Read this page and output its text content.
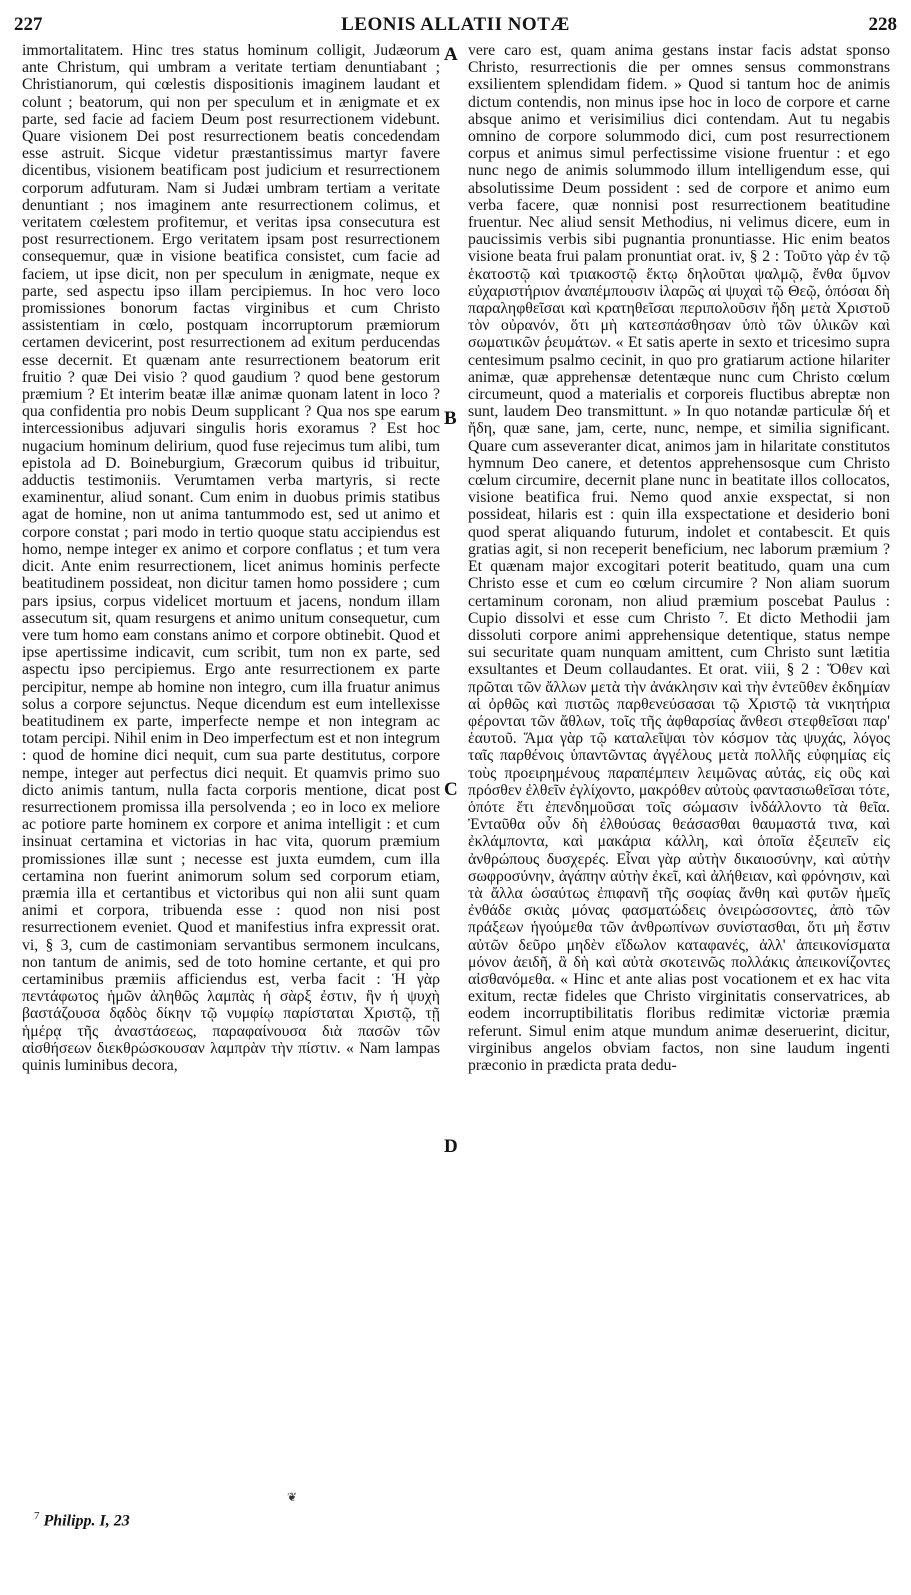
227	LEONIS ALLATII NOTÆ	228

immortalitatem. Hinc tres status hominum colligit, Judæorum ante Christum, qui umbram a veritate tertiam denuntiabant ; Christianorum, qui cœlestis dispositionis imaginem laudant et colunt ; beatorum, qui non per speculum et in ænigmate et ex parte, sed facie ad faciem Deum post resurrectionem videbunt. Quare visionem Dei post resurrectionem beatis concedendam esse astruit. Sicque videtur præstantissimus martyr favere dicentibus, visionem beatificam post judicium et resurrectionem corporum adfuturam. Nam si Judæi umbram tertiam a veritate denuntiant ; nos imaginem ante resurrectionem colimus, et veritatem cœlestem profitemur, et veritas ipsa consecutura est post resurrectionem. Ergo veritatem ipsam post resurrectionem consequemur, quæ in visione beatifica consistet, cum facie ad faciem, ut ipse dicit, non per speculum in ænigmate, neque ex parte, sed aspectu ipso illam percipiemus. In hoc vero loco promissiones bonorum factas virginibus et cum Christo assistentiam in cœlo, postquam incorruptorum præmiorum certamen devicerint, post resurrectionem ad exitum perducendas esse decernit. Et quænam ante resurrectionem beatorum erit fruitio ? quæ Dei visio ? quod gaudium ? quod bene gestorum præmium ? Et interim beatæ illæ animæ quonam latent in loco ? qua confidentia pro nobis Deum supplicant ? Qua nos spe earum intercessionibus adjuvari singulis horis exoramus ? Est hoc nugacium hominum delirium, quod fuse rejecimus tum alibi, tum epistola ad D. Boineburgium, Græcorum quibus id tribuitur, adductis testimoniis. Verumtamen verba martyris, si recte examinentur, aliud sonant. Cum enim in duobus primis statibus agat de homine, non ut anima tantummodo est, sed ut animo et corpore constat ; pari modo in tertio quoque statu accipiendus est homo, nempe integer ex animo et corpore conflatus ; et tum vera dicit. Ante enim resurrectionem, licet animus hominis perfecte beatitudinem possideat, non dicitur tamen homo possidere ; cum pars ipsius, corpus videlicet mortuum et jacens, nondum illam assecutum sit, quam resurgens et animo unitum consequetur, cum vere tum homo eam constans animo et corpore obtinebit. Quod et ipse apertissime indicavit, cum scribit, tum non ex parte, sed aspectu ipso percipiemus. Ergo ante resurrectionem ex parte percipitur, nempe ab homine non integro, cum illa fruatur animus solus a corpore sejunctus. Neque dicendum est eum intellexisse beatitudinem ex parte, imperfecte nempe et non integram ac totam percipi. Nihil enim in Deo imperfectum est et non integrum : quod de homine dici nequit, cum sua parte destitutus, corpore nempe, integer aut perfectus dici nequit. Et quamvis primo suo dicto animis tantum, nulla facta corporis mentione, dicat post resurrectionem promissa illa persolvenda ; eo in loco ex meliore ac potiore parte hominem ex corpore et anima intelligit : et cum insinuat certamina et victorias in hac vita, quorum præmium promissiones illæ sunt ; necesse est juxta eumdem, cum illa certamina non fuerint animorum solum sed corporum etiam, præmia illa et certantibus et victoribus qui non alii sunt quam animi et corpora, tribuenda esse : quod non nisi post resurrectionem eveniet. Quod et manifestius infra expressit orat. vi, § 3, cum de castimoniam servantibus sermonem inculcans, non tantum de animis, sed de toto homine certante, et qui pro certaminibus præmiis afficiendus est, verba facit : Ἡ γὰρ πεντάφωτος ἡμῶν ἀληθῶς λαμπὰς ἡ σὰρξ ἐστιν, ἣν ἡ ψυχὴ βαστάζουσα δᾳδὸς δίκην τῷ νυμφίῳ παρίσταται Χριστῷ, τῇ ἡμέρᾳ τῆς ἀναστάσεως, παραφαίνουσα διὰ πασῶν τῶν αἰσθήσεων διεκθρώσκουσαν λαμπρὰν τὴν πίστιν. « Nam lampas quinis luminibus decora,

vere caro est, quam anima gestans instar facis adstat sponso Christo, resurrectionis die per omnes sensus commonstrans exsilientem splendidam fidem. » Quod si tantum hoc de animis dictum contendis, non minus ipse hoc in loco de corpore et carne absque animo et verisimilius dici contendam. Aut tu negabis omnino de corpore solummodo dici, cum post resurrectionem corpus et animus simul perfectissime visione fruentur : et ego nunc nego de animis solummodo illum intelligendum esse, qui absolutissime Deum possident : sed de corpore et animo eum verba facere, quæ nonnisi post resurrectionem beatitudine fruentur. Nec aliud sensit Methodius, ni velimus dicere, eum in paucissimis verbis sibi pugnantia pronuntiasse. Hic enim beatos visione beata frui palam pronuntiat orat. iv, § 2 : Τοῦτο γὰρ ἐν τῷ ἑκατοστῷ καὶ τριακοστῷ ἕκτῳ δηλοῦται ψαλμῷ, ἔνθα ὕμνον εὐχαριστήριον ἀναπέμπουσιν ἱλαρῶς αἱ ψυχαὶ τῷ Θεῷ, ὁπόσαι δὴ παραληφθεῖσαι καὶ κρατηθεῖσαι περιπολοῦσιν ἤδη μετὰ Χριστοῦ τὸν οὐρανόν, ὅτι μὴ κατεσπάσθησαν ὑπὸ τῶν ὑλικῶν καὶ σωματικῶν ῥευμάτων. « Et satis aperte in sexto et tricesimo supra centesimum psalmo cecinit, in quo pro gratiarum actione hilariter animæ, quæ apprehensæ detentæque nunc cum Christo cœlum circumeunt, quod a materialis et corporeis fluctibus abreptæ non sunt, laudem Deo transmittunt. » In quo notandæ particulæ δή et ἤδη, quæ sane, jam, certe, nunc, nempe, et similia significant. Quare cum asseveranter dicat, animos jam in hilaritate constitutos hymnum Deo canere, et detentos apprehensosque cum Christo cœlum circumire, decernit plane nunc in beatitate illos collocatos, visione beatifica frui. Nemo quod anxie exspectat, si non possideat, hilaris est : quin illa exspectatione et desiderio boni quod sperat aliquando futurum, indolet et contabescit. Et quis gratias agit, si non receperit beneficium, nec laborum præmium ? Et quænam major excogitari poterit beatitudo, quam una cum Christo esse et cum eo cœlum circumire ? Non aliam suorum certaminum coronam, non aliud præmium poscebat Paulus : Cupio dissolvi et esse cum Christo ⁷. Et dicto Methodii jam dissoluti corpore animi apprehensique detentique, status nempe sui securitate quam nunquam amittent, cum Christo sunt lætitia exsultantes et Deum collaudantes. Et orat. viii, § 2 : Ὅθεν καὶ πρῶται τῶν ἄλλων μετὰ τὴν ἀνάκλησιν καὶ τὴν ἐντεῦθεν ἐκδημίαν αἱ ὀρθῶς καὶ πιστῶς παρθενεύσασαι τῷ Χριστῷ τὰ νικητήρια φέρονται τῶν ἄθλων, τοῖς τῆς ἀφθαρσίας ἄνθεσι στεφθεῖσαι παρ' ἑαυτοῦ. Ἅμα γὰρ τῷ καταλεῖψαι τὸν κόσμον τὰς ψυχάς, λόγος ταῖς παρθένοις ὑπαντῶντας ἀγγέλους μετὰ πολλῆς εὐφημίας εἰς τοὺς προειρημένους παραπέμπειν λειμῶνας αὐτάς, εἰς οὓς καὶ πρόσθεν ἐλθεῖν ἐγλίχοντο, μακρόθεν αὐτοὺς φαντασιωθεῖσαι τότε, ὁπότε ἔτι ἐπενδημοῦσαι τοῖς σώμασιν ἰνδάλλοντο τὰ θεῖα. Ἐνταῦθα οὖν δὴ ἐλθούσας θεάσασθαι θαυμαστά τινα, καὶ ἐκλάμποντα, καὶ μακάρια κάλλη, καὶ ὁποῖα ἐξειπεῖν εἰς ἀνθρώπους δυσχερές. Εἶναι γὰρ αὐτὴν δικαιοσύνην, καὶ αὐτὴν σωφροσύνην, ἀγάπην αὐτὴν ἐκεῖ, καὶ ἀλήθειαν, καὶ φρόνησιν, καὶ τὰ ἄλλα ὡσαύτως ἐπιφανῆ τῆς σοφίας ἄνθη καὶ φυτῶν ἡμεῖς ἐνθάδε σκιὰς μόνας φασματώδεις ὀνειρώσσοντες, ἀπὸ τῶν πράξεων ἡγούμεθα τῶν ἀνθρωπίνων συνίστασθαι, ὅτι μὴ ἔστιν αὐτῶν δεῦρο μηδὲν εἴδωλον καταφανές, ἀλλ' ἀπεικονίσματα μόνον ἀειδῆ, ἃ δὴ καὶ αὐτὰ σκοτεινῶς πολλάκις ἀπεικονίζοντες αἰσθανόμεθα. « Hinc et ante alias post vocationem et ex hac vita exitum, rectæ fideles que Christo virginitatis conservatrices, ab eodem incorruptibilitatis floribus redimitæ victoriæ præmia referunt. Simul enim atque mundum animæ deseruerint, dicitur, virginibus angelos obviam factos, non sine laudum ingenti præconio in prædicta prata dedu-

A
B
C
D
❦
$^7$ Philipp. I, 23
